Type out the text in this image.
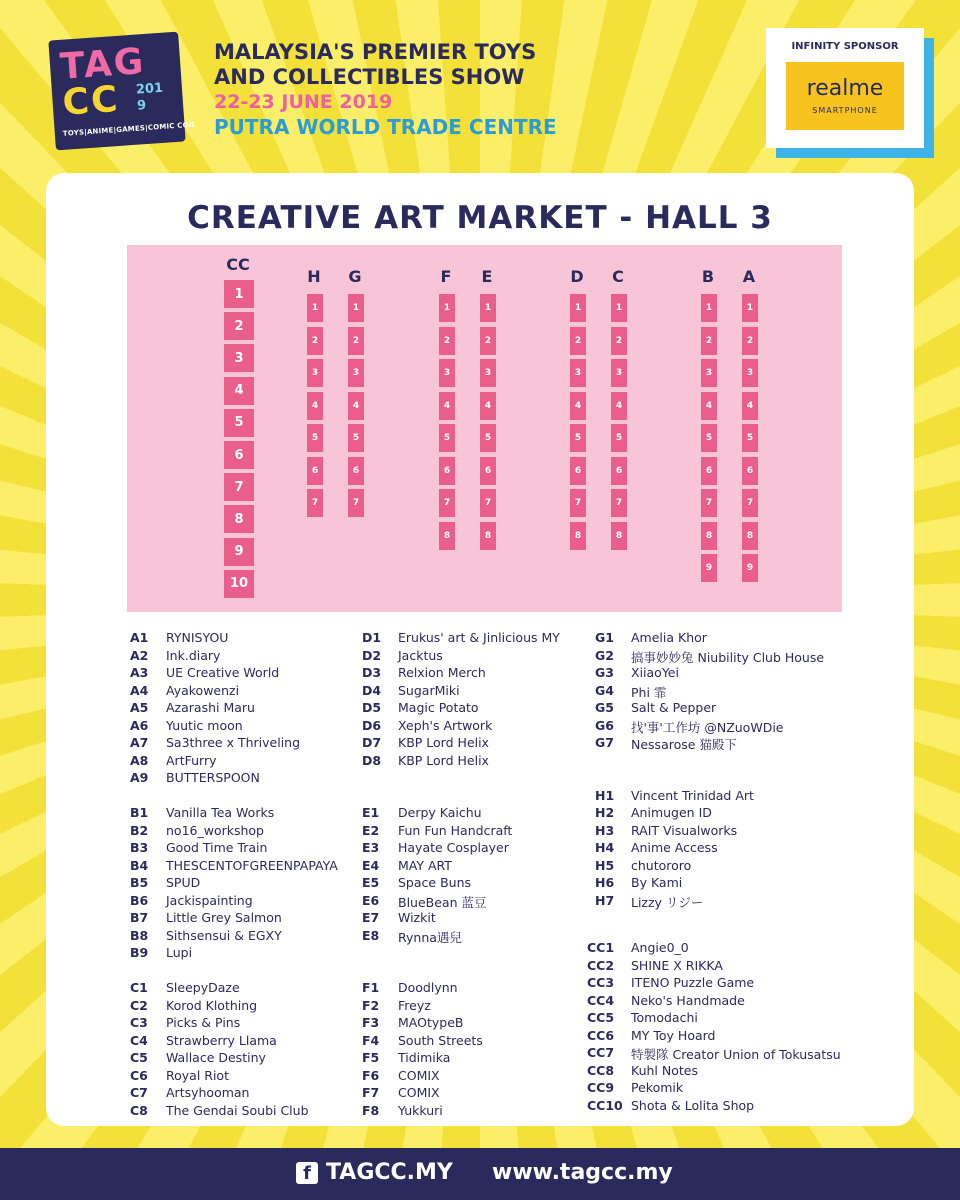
TAG
CC 2019
TOYS|ANIME|GAMES|COMIC CON
MALAYSIA'S PREMIER TOYS
AND COLLECTIBLES SHOW
22-23 JUNE 2019
PUTRA WORLD TRADE CENTRE
INFINITY SPONSOR
realme
SMARTPHONE
CREATIVE ART MARKET - HALL 3
CC
1
2
3
4
5
6
7
8
9
10
H
1
2
3
4
5
6
7
G
1
2
3
4
5
6
7
F
1
2
3
4
5
6
7
8
E
1
2
3
4
5
6
7
8
D
1
2
3
4
5
6
7
8
C
1
2
3
4
5
6
7
8
B
1
2
3
4
5
6
7
8
9
A
1
2
3
4
5
6
7
8
9
A1	RYNISYOU
A2	Ink.diary
A3	UE Creative World
A4	Ayakowenzi
A5	Azarashi Maru
A6	Yuutic moon
A7	Sa3three x Thriveling
A8	ArtFurry
A9	BUTTERSPOON
B1	Vanilla Tea Works
B2	no16_workshop
B3	Good Time Train
B4	THESCENTOFGREENPAPAYA
B5	SPUD
B6	Jackispainting
B7	Little Grey Salmon
B8	Sithsensui & EGXY
B9	Lupi
C1	SleepyDaze
C2	Korod Klothing
C3	Picks & Pins
C4	Strawberry Llama
C5	Wallace Destiny
C6	Royal Riot
C7	Artsyhooman
C8	The Gendai Soubi Club
D1	Erukus' art & Jinlicious MY
D2	Jacktus
D3	Relxion Merch
D4	SugarMiki
D5	Magic Potato
D6	Xeph's Artwork
D7	KBP Lord Helix
D8	KBP Lord Helix
E1	Derpy Kaichu
E2	Fun Fun Handcraft
E3	Hayate Cosplayer
E4	MAY ART
E5	Space Buns
E6	BlueBean 蓝豆
E7	Wizkit
E8	Rynna遇兒
F1	Doodlynn
F2	Freyz
F3	MAOtypeB
F4	South Streets
F5	Tidimika
F6	COMIX
F7	COMIX
F8	Yukkuri
G1	Amelia Khor
G2	搞事妙妙兔 Niubility Club House
G3	XiiaoYei
G4	Phi 霏
G5	Salt & Pepper
G6	找'事'工作坊 @NZuoWDie
G7	Nessarose 猫殿下
H1	Vincent Trinidad Art
H2	Animugen ID
H3	RAIT Visualworks
H4	Anime Access
H5	chutororo
H6	By Kami
H7	Lizzy リジー
CC1	Angie0_0
CC2	SHINE X RIKKA
CC3	ITENO Puzzle Game
CC4	Neko's Handmade
CC5	Tomodachi
CC6	MY Toy Hoard
CC7	特製隊 Creator Union of Tokusatsu
CC8	Kuhl Notes
CC9	Pekomik
CC10 Shota & Lolita Shop
f TAGCC.MY www.tagcc.my
